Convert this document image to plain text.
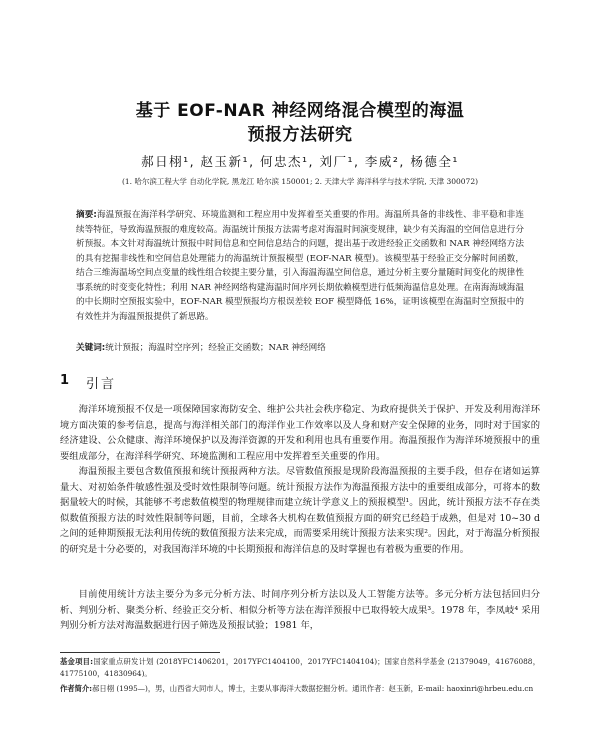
基于 EOF-NAR 神经网络混合模型的海温
预报方法研究
郝日栩¹, 赵玉新¹, 何忠杰¹, 刘厂¹, 李威², 杨德全¹
(1. 哈尔滨工程大学 自动化学院, 黑龙江 哈尔滨 150001; 2. 天津大学 海洋科学与技术学院, 天津 300072)
摘要:海温预报在海洋科学研究、环境监测和工程应用中发挥着至关重要的作用。海温所具备的非线性、非平稳和非连续等特征，导致海温预报的难度较高。海温统计预报方法需考虑对海温时间演变规律，缺少有关海温的空间信息进行分析预报。本文针对海温统计预报中时间信息和空间信息结合的问题，提出基于改进经验正交函数和 NAR 神经网络方法的具有挖掘非线性和空间信息处理能力的海温统计预报模型 (EOF-NAR 模型)。该模型基于经验正交分解时间函数，结合三维海温场空间点变量的线性组合较提主要分量，引入海温海温空间信息，通过分析主要分量随时间变化的规律性事系统的时变变化特性；利用 NAR 神经网络构建海温时间序列长期依赖模型进行低频海温信息处理。在南海海域海温的中长期时空预报实验中，EOF-NAR 模型预报均方根误差较 EOF 模型降低 16%，证明该模型在海温时空预报中的有效性并为海温预报提供了新思路。
关键词:统计预报；海温时空序列；经验正交函数；NAR 神经网络
1 引言

海洋环境预报不仅是一项保障国家海防安全、维护公共社会秩序稳定、为政府提供关于保护、开发及利用海洋环境方面决策的参考信息，提高与海洋相关部门的海洋作业工作效率以及人身和财产安全保障的业务，同时对于国家的经济建设、公众健康、海洋环境保护以及海洋资源的开发和利用也具有重要作用。海温预报作为海洋环境预报中的重要组成部分，在海洋科学研究、环境监测和工程应用中发挥着至关重要的作用。

海温预报主要包含数值预报和统计预报两种方法。尽管数值预报是现阶段海温预报的主要手段，但存在诸如运算量大、对初始条件敏感性强及受时效性限制等问题。统计预报方法作为海温预报方法中的重要组成部分，可将本的数据量较大的时候，其能够不考虑数值模型的物理规律而建立统计学意义上的预报模型¹。因此，统计预报方法不存在类似数值预报方法的时效性限制等问题，目前，全球各大机构在数值预报方面的研究已经趋于成熟，但是对 10~30 d 之间的延伸期预报无法利用传统的数值预报方法来完成，而需要采用统计预报方法来实现²。因此，对于海温分析预报的研究是十分必要的，对我国海洋环境的中长期预报和海洋信息的及时掌握也有着极为重要的作用。

目前使用统计方法主要分为多元分析方法、时间序列分析方法以及人工智能方法等。多元分析方法包括回归分析、判别分析、聚类分析、经验正交分析、相似分析等方法在海洋预报中已取得较大成果³。1978 年，李凤岐⁴ 采用判别分析方法对海温数据进行因子筛选及预报试验；1981 年，

基金项目:国家重点研发计划 (2018YFC1406201，2017YFC1404100，2017YFC1404104)；国家自然科学基金 (21379049，41676088，41775100，41830964)。
作者简介:郝日栩 (1995—)，男，山西省大同市人，博士，主要从事海洋大数据挖掘分析。通讯作者：赵玉新，E-mail: haoxinri@hrbeu.edu.cn
